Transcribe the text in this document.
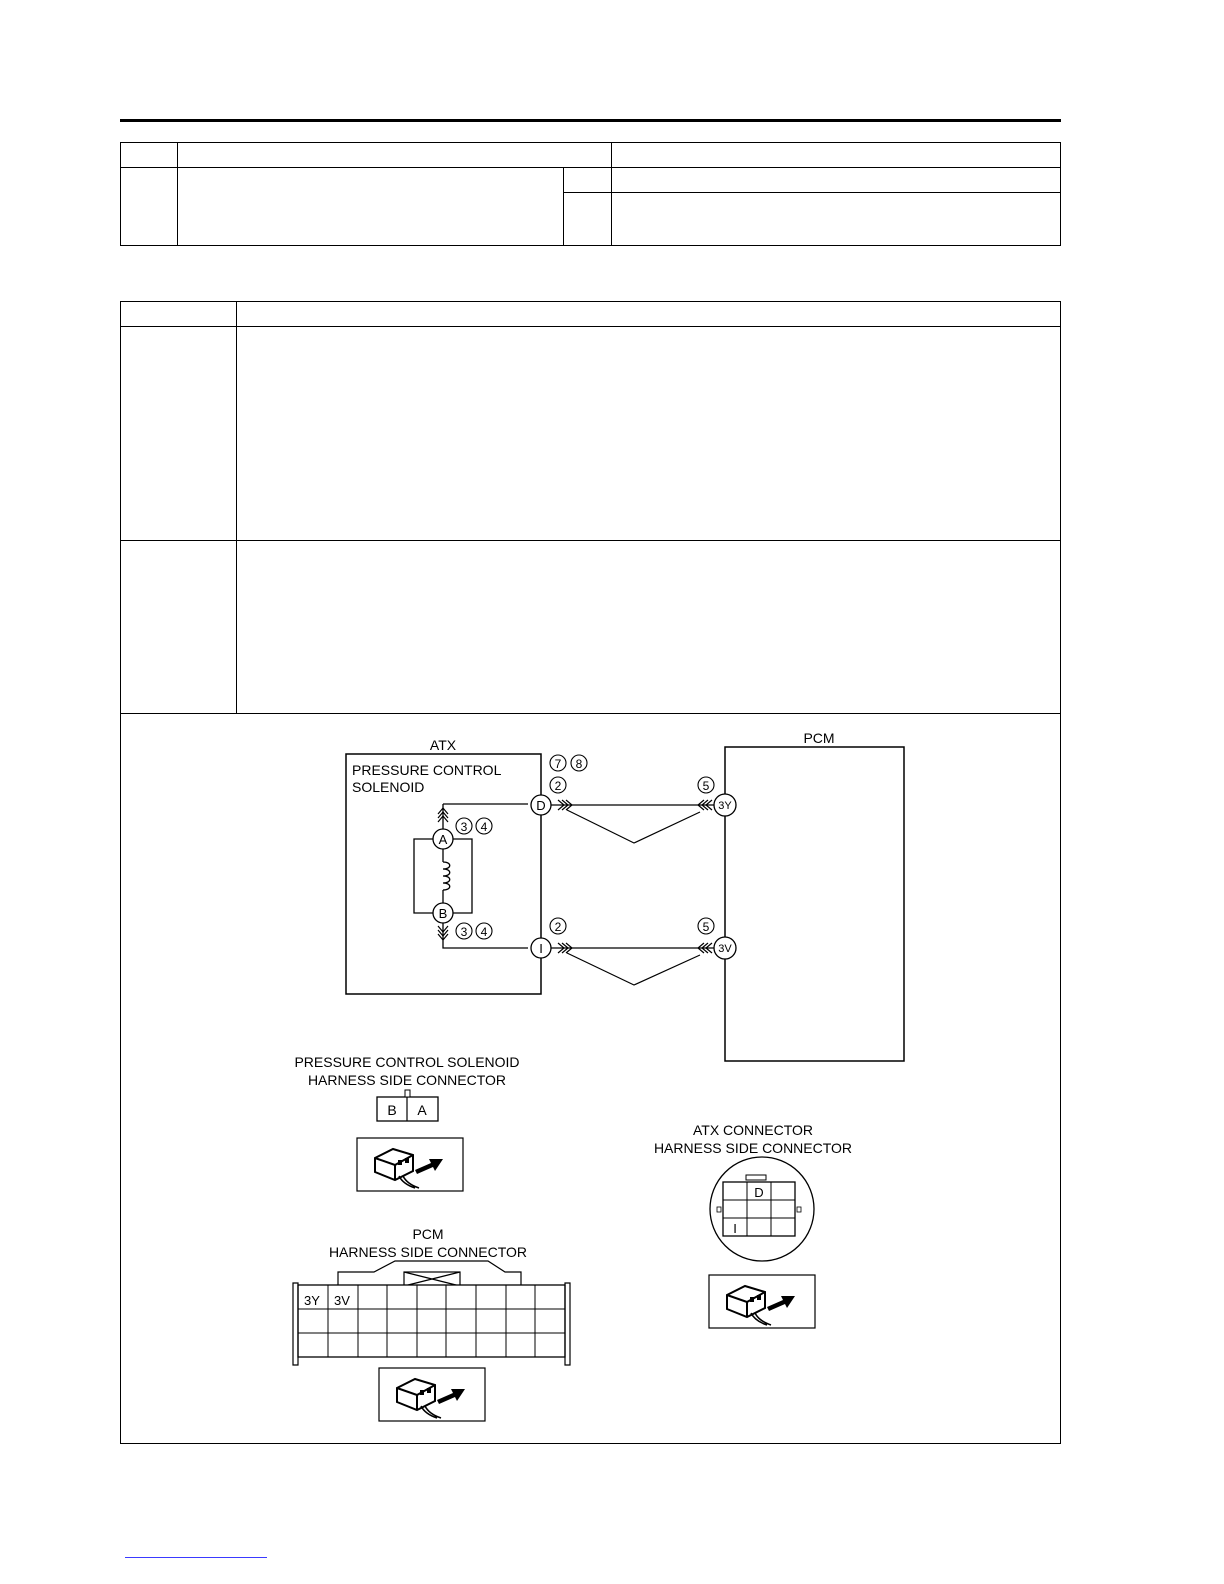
ATX
PRESSURE CONTROL
SOLENOID
PCM
A
B
3 4
3 4
D
I
7 8
2
2
3Y
3V
5
5
PRESSURE CONTROL SOLENOID
HARNESS SIDE CONNECTOR
B A
PCM
HARNESS SIDE CONNECTOR
3Y 3V
ATX CONNECTOR
HARNESS SIDE CONNECTOR
D
I
